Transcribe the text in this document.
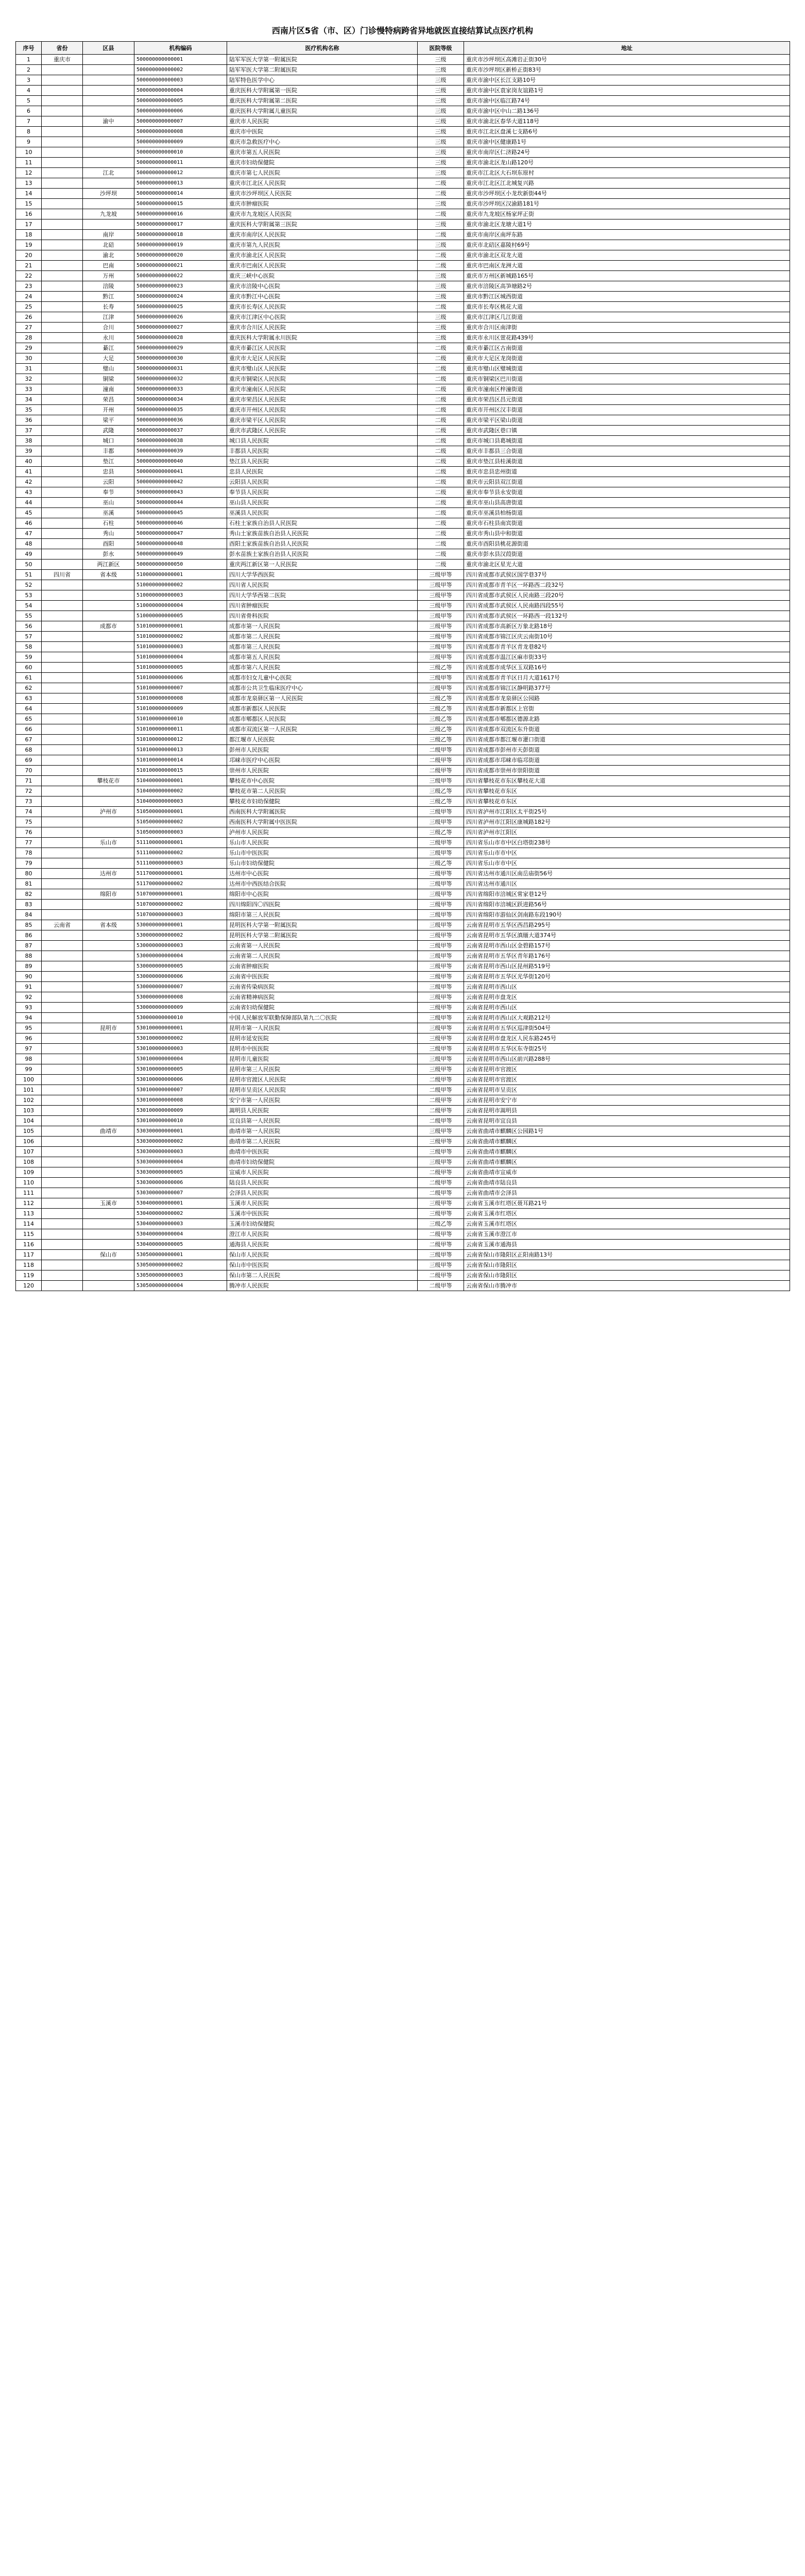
西南片区5省（市、区）门诊慢特病跨省异地就医直接结算试点医疗机构
序号	省份	区县	机构编码	医疗机构名称	医院等级	地址
1	重庆市		500000000000001	陆军军医大学第一附属医院	三级	重庆市沙坪坝区高滩岩正街30号
2			500000000000002	陆军军医大学第二附属医院	三级	重庆市沙坪坝区新桥正街83号
3			500000000000003	陆军特色医学中心	三级	重庆市渝中区长江支路10号
4			500000000000004	重庆医科大学附属第一医院	三级	重庆市渝中区袁家岗友谊路1号
5			500000000000005	重庆医科大学附属第二医院	三级	重庆市渝中区临江路74号
6			500000000000006	重庆医科大学附属儿童医院	三级	重庆市渝中区中山二路136号
7		渝中	500000000000007	重庆市人民医院	三级	重庆市渝北区春华大道118号
8			500000000000008	重庆市中医院	三级	重庆市江北区盘溪七支路6号
9			500000000000009	重庆市急救医疗中心	三级	重庆市渝中区健康路1号
10			500000000000010	重庆市第五人民医院	三级	重庆市南岸区仁济路24号
11			500000000000011	重庆市妇幼保健院	三级	重庆市渝北区龙山路120号
12		江北	500000000000012	重庆市第七人民医院	三级	重庆市江北区大石坝东原村
13			500000000000013	重庆市江北区人民医院	二级	重庆市江北区江北城复兴路
14		沙坪坝	500000000000014	重庆市沙坪坝区人民医院	二级	重庆市沙坪坝区小龙坎新街44号
15			500000000000015	重庆市肿瘤医院	三级	重庆市沙坪坝区汉渝路181号
16		九龙坡	500000000000016	重庆市九龙坡区人民医院	二级	重庆市九龙坡区杨家坪正街
17			500000000000017	重庆医科大学附属第三医院	三级	重庆市渝北区龙塘大道1号
18		南岸	500000000000018	重庆市南岸区人民医院	二级	重庆市南岸区南坪东路
19		北碚	500000000000019	重庆市第九人民医院	三级	重庆市北碚区嘉陵村69号
20		渝北	500000000000020	重庆市渝北区人民医院	二级	重庆市渝北区双龙大道
21		巴南	500000000000021	重庆市巴南区人民医院	二级	重庆市巴南区龙洲大道
22		万州	500000000000022	重庆三峡中心医院	三级	重庆市万州区新城路165号
23		涪陵	500000000000023	重庆市涪陵中心医院	三级	重庆市涪陵区高笋塘路2号
24		黔江	500000000000024	重庆市黔江中心医院	三级	重庆市黔江区城西街道
25		长寿	500000000000025	重庆市长寿区人民医院	二级	重庆市长寿区桃花大道
26		江津	500000000000026	重庆市江津区中心医院	三级	重庆市江津区几江街道
27		合川	500000000000027	重庆市合川区人民医院	三级	重庆市合川区南津街
28		永川	500000000000028	重庆医科大学附属永川医院	三级	重庆市永川区萱花路439号
29		綦江	500000000000029	重庆市綦江区人民医院	二级	重庆市綦江区古南街道
30		大足	500000000000030	重庆市大足区人民医院	二级	重庆市大足区龙岗街道
31		璧山	500000000000031	重庆市璧山区人民医院	二级	重庆市璧山区璧城街道
32		铜梁	500000000000032	重庆市铜梁区人民医院	二级	重庆市铜梁区巴川街道
33		潼南	500000000000033	重庆市潼南区人民医院	二级	重庆市潼南区梓潼街道
34		荣昌	500000000000034	重庆市荣昌区人民医院	二级	重庆市荣昌区昌元街道
35		开州	500000000000035	重庆市开州区人民医院	二级	重庆市开州区汉丰街道
36		梁平	500000000000036	重庆市梁平区人民医院	二级	重庆市梁平区梁山街道
37		武隆	500000000000037	重庆市武隆区人民医院	二级	重庆市武隆区巷口镇
38		城口	500000000000038	城口县人民医院	二级	重庆市城口县葛城街道
39		丰都	500000000000039	丰都县人民医院	二级	重庆市丰都县三合街道
40		垫江	500000000000040	垫江县人民医院	二级	重庆市垫江县桂溪街道
41		忠县	500000000000041	忠县人民医院	二级	重庆市忠县忠州街道
42		云阳	500000000000042	云阳县人民医院	二级	重庆市云阳县双江街道
43		奉节	500000000000043	奉节县人民医院	二级	重庆市奉节县永安街道
44		巫山	500000000000044	巫山县人民医院	二级	重庆市巫山县高唐街道
45		巫溪	500000000000045	巫溪县人民医院	二级	重庆市巫溪县柏杨街道
46		石柱	500000000000046	石柱土家族自治县人民医院	二级	重庆市石柱县南宾街道
47		秀山	500000000000047	秀山土家族苗族自治县人民医院	二级	重庆市秀山县中和街道
48		酉阳	500000000000048	酉阳土家族苗族自治县人民医院	二级	重庆市酉阳县桃花源街道
49		彭水	500000000000049	彭水苗族土家族自治县人民医院	二级	重庆市彭水县汉葭街道
50		两江新区	500000000000050	重庆两江新区第一人民医院	二级	重庆市渝北区星光大道
51	四川省	省本级	510000000000001	四川大学华西医院	三级甲等	四川省成都市武侯区国学巷37号
52			510000000000002	四川省人民医院	三级甲等	四川省成都市青羊区一环路西二段32号
53			510000000000003	四川大学华西第二医院	三级甲等	四川省成都市武侯区人民南路三段20号
54			510000000000004	四川省肿瘤医院	三级甲等	四川省成都市武侯区人民南路四段55号
55			510000000000005	四川省骨科医院	三级甲等	四川省成都市武侯区一环路西一段132号
56		成都市	510100000000001	成都市第一人民医院	三级甲等	四川省成都市高新区万象北路18号
57			510100000000002	成都市第二人民医院	三级甲等	四川省成都市锦江区庆云南街10号
58			510100000000003	成都市第三人民医院	三级甲等	四川省成都市青羊区青龙巷82号
59			510100000000004	成都市第五人民医院	三级甲等	四川省成都市温江区麻市街33号
60			510100000000005	成都市第六人民医院	三级乙等	四川省成都市成华区玉双路16号
61			510100000000006	成都市妇女儿童中心医院	三级甲等	四川省成都市青羊区日月大道1617号
62			510100000000007	成都市公共卫生临床医疗中心	三级甲等	四川省成都市锦江区静明路377号
63			510100000000008	成都市龙泉驿区第一人民医院	三级乙等	四川省成都市龙泉驿区公园路
64			510100000000009	成都市新都区人民医院	三级乙等	四川省成都市新都区上官街
65			510100000000010	成都市郫都区人民医院	三级乙等	四川省成都市郫都区德源北路
66			510100000000011	成都市双流区第一人民医院	三级乙等	四川省成都市双流区东升街道
67			510100000000012	都江堰市人民医院	三级乙等	四川省成都市都江堰市灌口街道
68			510100000000013	彭州市人民医院	二级甲等	四川省成都市彭州市天彭街道
69			510100000000014	邛崃市医疗中心医院	二级甲等	四川省成都市邛崃市临邛街道
70			510100000000015	崇州市人民医院	二级甲等	四川省成都市崇州市崇阳街道
71		攀枝花市	510400000000001	攀枝花市中心医院	三级甲等	四川省攀枝花市东区攀枝花大道
72			510400000000002	攀枝花市第二人民医院	三级乙等	四川省攀枝花市东区
73			510400000000003	攀枝花市妇幼保健院	三级乙等	四川省攀枝花市东区
74		泸州市	510500000000001	西南医科大学附属医院	三级甲等	四川省泸州市江阳区太平街25号
75			510500000000002	西南医科大学附属中医医院	三级甲等	四川省泸州市江阳区康城路182号
76			510500000000003	泸州市人民医院	三级乙等	四川省泸州市江阳区
77		乐山市	511100000000001	乐山市人民医院	三级甲等	四川省乐山市市中区白塔街238号
78			511100000000002	乐山市中医医院	三级甲等	四川省乐山市市中区
79			511100000000003	乐山市妇幼保健院	三级乙等	四川省乐山市市中区
80		达州市	511700000000001	达州市中心医院	三级甲等	四川省达州市通川区南岳庙街56号
81			511700000000002	达州市中西医结合医院	三级甲等	四川省达州市通川区
82		绵阳市	510700000000001	绵阳市中心医院	三级甲等	四川省绵阳市涪城区常家巷12号
83			510700000000002	四川绵阳四〇四医院	三级甲等	四川省绵阳市涪城区跃进路56号
84			510700000000003	绵阳市第三人民医院	三级甲等	四川省绵阳市游仙区剑南路东段190号
85	云南省	省本级	530000000000001	昆明医科大学第一附属医院	三级甲等	云南省昆明市五华区西昌路295号
86			530000000000002	昆明医科大学第二附属医院	三级甲等	云南省昆明市五华区滇缅大道374号
87			530000000000003	云南省第一人民医院	三级甲等	云南省昆明市西山区金碧路157号
88			530000000000004	云南省第二人民医院	三级甲等	云南省昆明市五华区青年路176号
89			530000000000005	云南省肿瘤医院	三级甲等	云南省昆明市西山区昆州路519号
90			530000000000006	云南省中医医院	三级甲等	云南省昆明市五华区光华街120号
91			530000000000007	云南省传染病医院	三级甲等	云南省昆明市西山区
92			530000000000008	云南省精神病医院	三级甲等	云南省昆明市盘龙区
93			530000000000009	云南省妇幼保健院	三级甲等	云南省昆明市西山区
94			530000000000010	中国人民解放军联勤保障部队第九二〇医院	三级甲等	云南省昆明市西山区大观路212号
95		昆明市	530100000000001	昆明市第一人民医院	三级甲等	云南省昆明市五华区巡津街504号
96			530100000000002	昆明市延安医院	三级甲等	云南省昆明市盘龙区人民东路245号
97			530100000000003	昆明市中医医院	三级甲等	云南省昆明市五华区东寺街25号
98			530100000000004	昆明市儿童医院	三级甲等	云南省昆明市西山区前兴路288号
99			530100000000005	昆明市第三人民医院	三级甲等	云南省昆明市官渡区
100			530100000000006	昆明市官渡区人民医院	二级甲等	云南省昆明市官渡区
101			530100000000007	昆明市呈贡区人民医院	二级甲等	云南省昆明市呈贡区
102			530100000000008	安宁市第一人民医院	二级甲等	云南省昆明市安宁市
103			530100000000009	嵩明县人民医院	二级甲等	云南省昆明市嵩明县
104			530100000000010	宜良县第一人民医院	二级甲等	云南省昆明市宜良县
105		曲靖市	530300000000001	曲靖市第一人民医院	三级甲等	云南省曲靖市麒麟区公园路1号
106			530300000000002	曲靖市第二人民医院	三级甲等	云南省曲靖市麒麟区
107			530300000000003	曲靖市中医医院	三级甲等	云南省曲靖市麒麟区
108			530300000000004	曲靖市妇幼保健院	三级甲等	云南省曲靖市麒麟区
109			530300000000005	宣威市人民医院	二级甲等	云南省曲靖市宣威市
110			530300000000006	陆良县人民医院	二级甲等	云南省曲靖市陆良县
111			530300000000007	会泽县人民医院	二级甲等	云南省曲靖市会泽县
112		玉溪市	530400000000001	玉溪市人民医院	三级甲等	云南省玉溪市红塔区聂耳路21号
113			530400000000002	玉溪市中医医院	三级甲等	云南省玉溪市红塔区
114			530400000000003	玉溪市妇幼保健院	三级乙等	云南省玉溪市红塔区
115			530400000000004	澄江市人民医院	二级甲等	云南省玉溪市澄江市
116			530400000000005	通海县人民医院	二级甲等	云南省玉溪市通海县
117		保山市	530500000000001	保山市人民医院	三级甲等	云南省保山市隆阳区正阳南路13号
118			530500000000002	保山市中医医院	三级甲等	云南省保山市隆阳区
119			530500000000003	保山市第二人民医院	二级甲等	云南省保山市隆阳区
120			530500000000004	腾冲市人民医院	二级甲等	云南省保山市腾冲市
